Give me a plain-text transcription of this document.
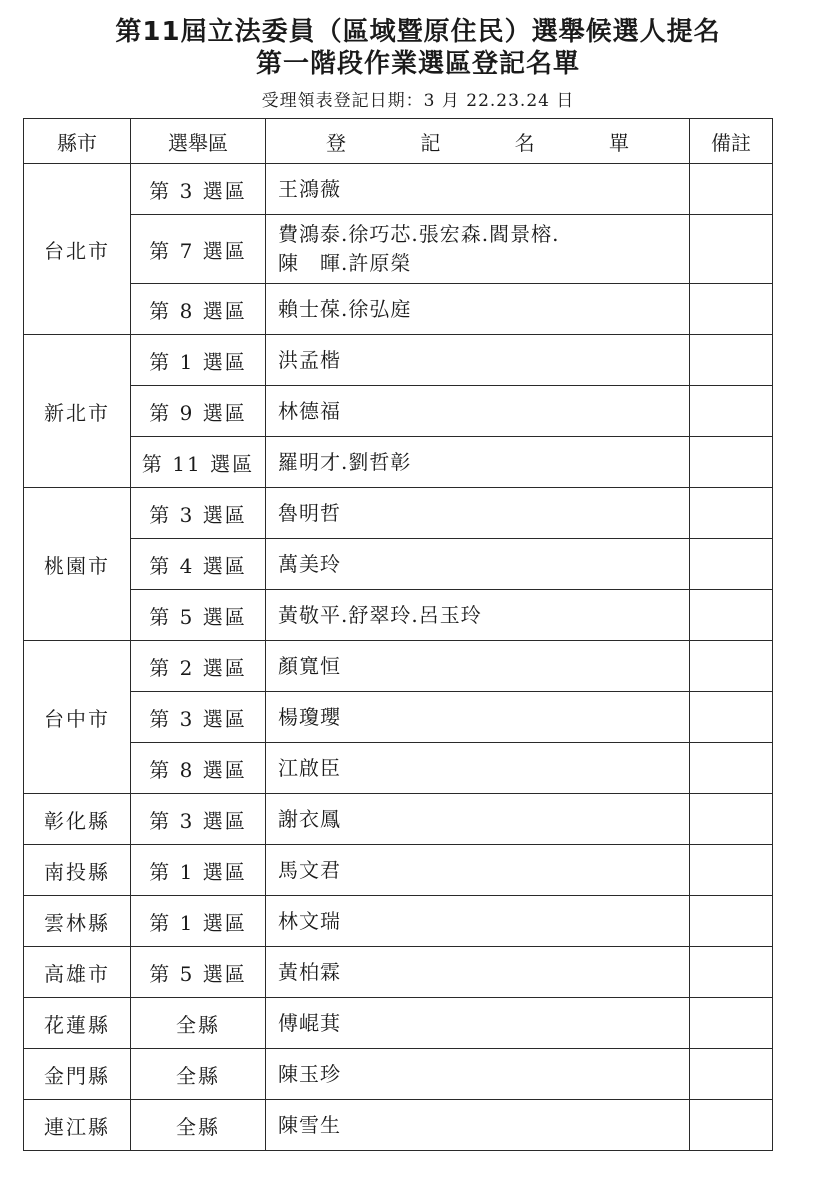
第11屆立法委員（區域暨原住民）選舉候選人提名
第一階段作業選區登記名單
受理領表登記日期：3 月 22.23.24 日
縣市	選舉區	登 記 名 單	備註
台北市	第 3 選區	王鴻薇	
	第 7 選區	費鴻泰.徐巧芯.張宏森.閻景榕.
陳　暉.許原榮	

	第 8 選區	賴士葆.徐弘庭	
新北市	第 1 選區	洪孟楷	
	第 9 選區	林德福	
	第 11 選區	羅明才.劉哲彰	
桃園市	第 3 選區	魯明哲	
	第 4 選區	萬美玲	
	第 5 選區	黃敬平.舒翠玲.呂玉玲	
台中市	第 2 選區	顏寬恒	
	第 3 選區	楊瓊瓔	
	第 8 選區	江啟臣	
彰化縣	第 3 選區	謝衣鳳	
南投縣	第 1 選區	馬文君	
雲林縣	第 1 選區	林文瑞	
高雄市	第 5 選區	黃柏霖	
花蓮縣	全縣	傅崐萁	
金門縣	全縣	陳玉珍	
連江縣	全縣	陳雪生	
